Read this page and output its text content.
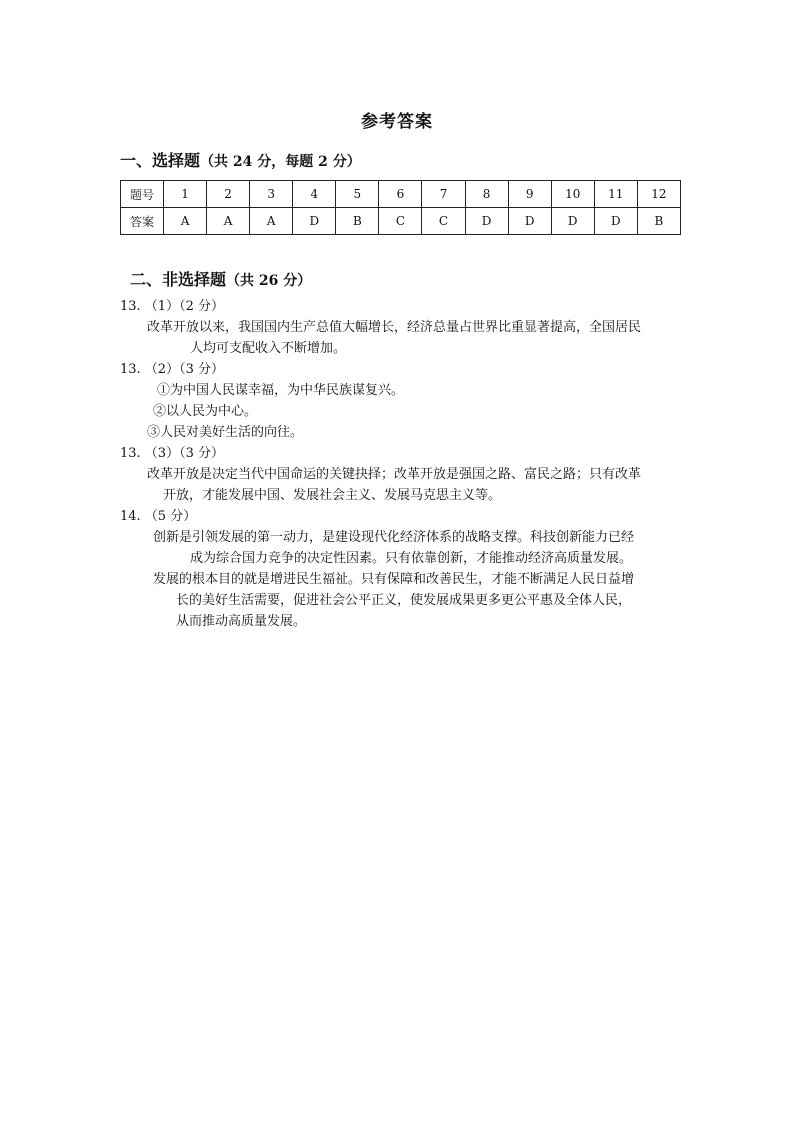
参考答案
一、选择题（共 24 分，每题 2 分）
题号	1	2	3	4	5	6	7	8	9	10	11	12
答案	A	A	A	D	B	C	C	D	D	D	D	B
二、非选择题（共 26 分）
13. （1）（2 分）
改革开放以来，我国国内生产总值大幅增长，经济总量占世界比重显著提高，全国居民
人均可支配收入不断增加。
13. （2）（3 分）
①为中国人民谋幸福，为中华民族谋复兴。
②以人民为中心。
③人民对美好生活的向往。
13. （3）（3 分）
改革开放是决定当代中国命运的关键抉择；改革开放是强国之路、富民之路；只有改革
开放，才能发展中国、发展社会主义、发展马克思主义等。
14. （5 分）
创新是引领发展的第一动力，是建设现代化经济体系的战略支撑。科技创新能力已经
成为综合国力竞争的决定性因素。只有依靠创新，才能推动经济高质量发展。
发展的根本目的就是增进民生福祉。只有保障和改善民生，才能不断满足人民日益增
长的美好生活需要，促进社会公平正义，使发展成果更多更公平惠及全体人民，
从而推动高质量发展。
